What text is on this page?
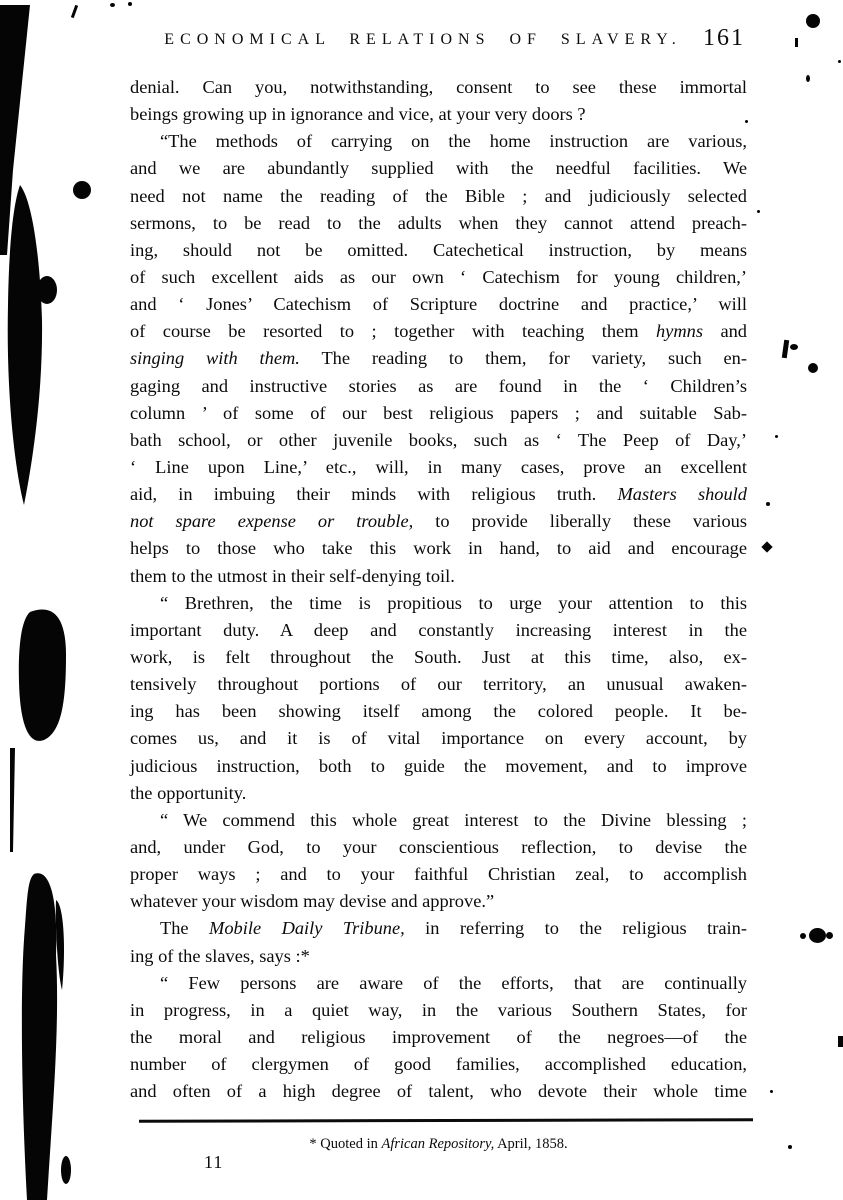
ECONOMICAL RELATIONS OF SLAVERY. 161
denial. Can you, notwithstanding, consent to see these immortal
beings growing up in ignorance and vice, at your very doors ?
“The methods of carrying on the home instruction are various,
and we are abundantly supplied with the needful facilities. We
need not name the reading of the Bible ; and judiciously selected
sermons, to be read to the adults when they cannot attend preach-
ing, should not be omitted. Catechetical instruction, by means
of such excellent aids as our own ‘ Catechism for young children,’
and ‘ Jones’ Catechism of Scripture doctrine and practice,’ will
of course be resorted to ; together with teaching them hymns and
singing with them. The reading to them, for variety, such en-
gaging and instructive stories as are found in the ‘ Children’s
column ’ of some of our best religious papers ; and suitable Sab-
bath school, or other juvenile books, such as ‘ The Peep of Day,’
‘ Line upon Line,’ etc., will, in many cases, prove an excellent
aid, in imbuing their minds with religious truth. Masters should
not spare expense or trouble, to provide liberally these various
helps to those who take this work in hand, to aid and encourage
them to the utmost in their self-denying toil.
“ Brethren, the time is propitious to urge your attention to this
important duty. A deep and constantly increasing interest in the
work, is felt throughout the South. Just at this time, also, ex-
tensively throughout portions of our territory, an unusual awaken-
ing has been showing itself among the colored people. It be-
comes us, and it is of vital importance on every account, by
judicious instruction, both to guide the movement, and to improve
the opportunity.
“ We commend this whole great interest to the Divine blessing ;
and, under God, to your conscientious reflection, to devise the
proper ways ; and to your faithful Christian zeal, to accomplish
whatever your wisdom may devise and approve.”
The Mobile Daily Tribune, in referring to the religious train-
ing of the slaves, says :*
“ Few persons are aware of the efforts, that are continually
in progress, in a quiet way, in the various Southern States, for
the moral and religious improvement of the negroes—of the
number of clergymen of good families, accomplished education,
and often of a high degree of talent, who devote their whole time
* Quoted in African Repository, April, 1858.
11
